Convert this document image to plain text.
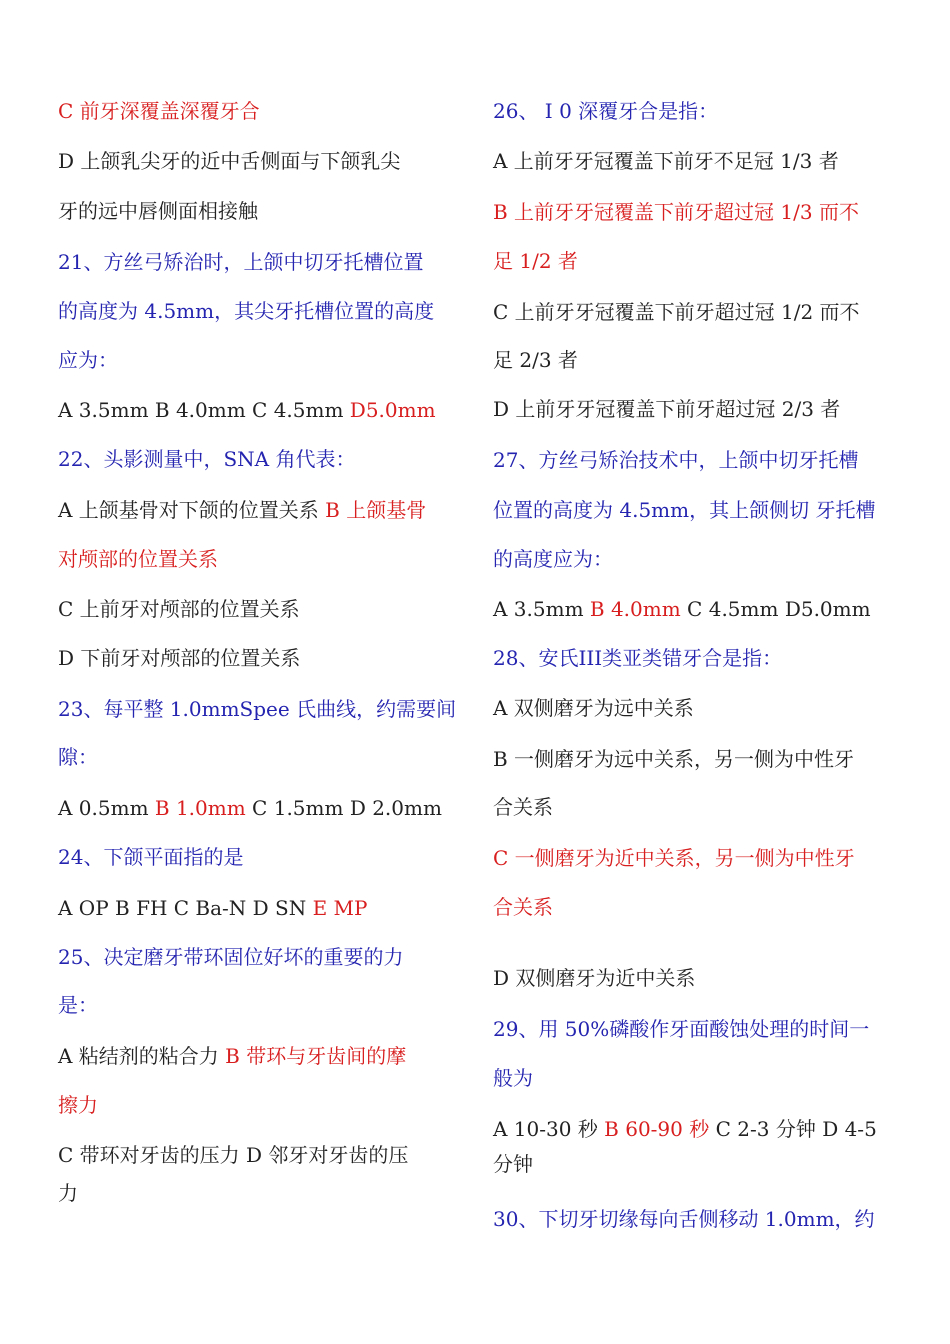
C 前牙深覆盖深覆牙合
D 上颌乳尖牙的近中舌侧面与下颌乳尖
牙的远中唇侧面相接触
21、方丝弓矫治时，上颌中切牙托槽位置
的高度为 4.5mm，其尖牙托槽位置的高度
应为：
A 3.5mm B 4.0mm C 4.5mm D5.0mm
22、头影测量中，SNA 角代表：
A 上颌基骨对下颌的位置关系 B 上颌基骨
对颅部的位置关系
C 上前牙对颅部的位置关系
D 下前牙对颅部的位置关系
23、每平整 1.0mmSpee 氏曲线，约需要间
隙：
A 0.5mm B 1.0mm C 1.5mm D 2.0mm
24、下颌平面指的是
A OP B FH C Ba-N D SN E MP
25、决定磨牙带环固位好坏的重要的力
是：
A 粘结剂的粘合力 B 带环与牙齿间的摩
擦力
C 带环对牙齿的压力 D 邻牙对牙齿的压
力
26、 I 0 深覆牙合是指：
A 上前牙牙冠覆盖下前牙不足冠 1/3 者
B 上前牙牙冠覆盖下前牙超过冠 1/3 而不
足 1/2 者
C 上前牙牙冠覆盖下前牙超过冠 1/2 而不
足 2/3 者
D 上前牙牙冠覆盖下前牙超过冠 2/3 者
27、方丝弓矫治技术中，上颌中切牙托槽
位置的高度为 4.5mm，其上颌侧切 牙托槽
的高度应为：
A 3.5mm B 4.0mm C 4.5mm D5.0mm
28、安氏III类亚类错牙合是指：
A 双侧磨牙为远中关系
B 一侧磨牙为远中关系，另一侧为中性牙
合关系
C 一侧磨牙为近中关系，另一侧为中性牙
合关系
D 双侧磨牙为近中关系
29、用 50%磷酸作牙面酸蚀处理的时间一
般为
A 10-30 秒 B 60-90 秒 C 2-3 分钟 D 4-5
分钟
30、下切牙切缘每向舌侧移动 1.0mm，约
